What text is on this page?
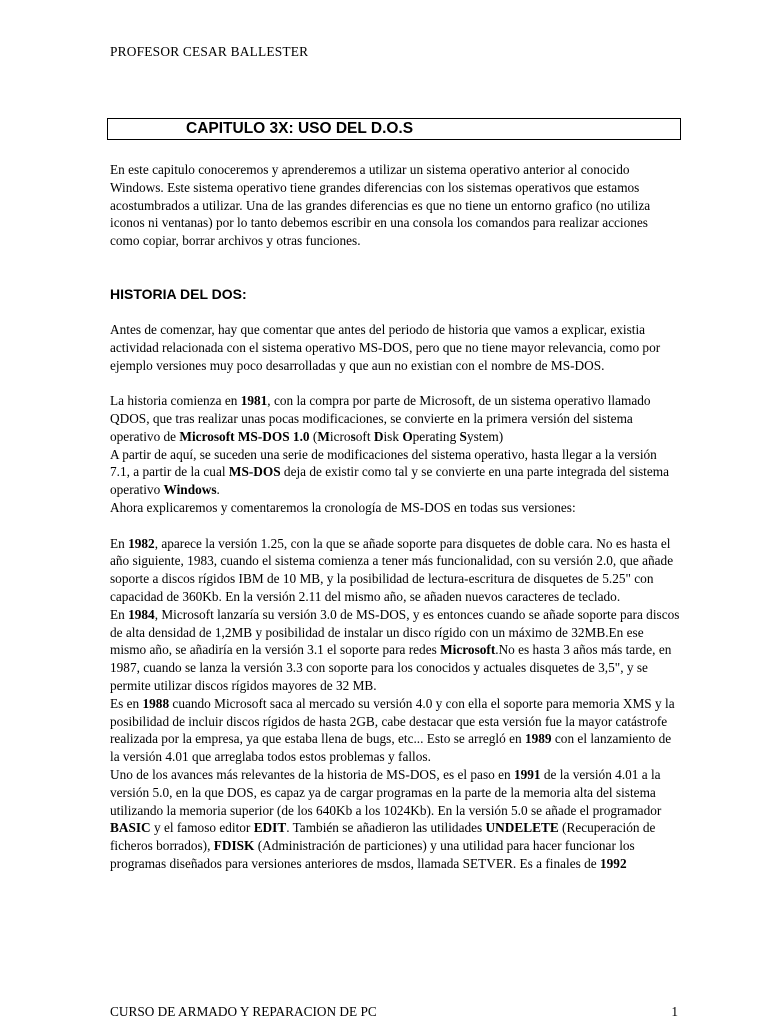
PROFESOR CESAR BALLESTER
CAPITULO 3X: USO DEL D.O.S

En este capitulo conoceremos y aprenderemos a utilizar un sistema operativo anterior al conocido Windows. Este sistema operativo tiene grandes diferencias con los sistemas operativos que estamos acostumbrados a utilizar. Una de las grandes diferencias es que no tiene un entorno grafico (no utiliza iconos ni ventanas) por lo tanto debemos escribir en una consola los comandos para realizar acciones como copiar, borrar archivos y otras funciones.

HISTORIA DEL DOS:

Antes de comenzar, hay que comentar que antes del periodo de historia que vamos a explicar, existia actividad relacionada con el sistema operativo MS-DOS, pero que no tiene mayor relevancia, como por ejemplo versiones muy poco desarrolladas y que aun no existian con el nombre de MS-DOS.

La historia comienza en 1981, con la compra por parte de Microsoft, de un sistema operativo llamado QDOS, que tras realizar unas pocas modificaciones, se convierte en la primera versión del sistema operativo de Microsoft MS-DOS 1.0 (Microsoft Disk Operating System)

A partir de aquí, se suceden una serie de modificaciones del sistema operativo, hasta llegar a la versión 7.1, a partir de la cual MS-DOS deja de existir como tal y se convierte en una parte integrada del sistema operativo Windows.

Ahora explicaremos y comentaremos la cronología de MS-DOS en todas sus versiones:

En 1982, aparece la versión 1.25, con la que se añade soporte para disquetes de doble cara. No es hasta el año siguiente, 1983, cuando el sistema comienza a tener más funcionalidad, con su versión 2.0, que añade soporte a discos rígidos IBM de 10 MB, y la posibilidad de lectura-escritura de disquetes de 5.25" con capacidad de 360Kb. En la versión 2.11 del mismo año, se añaden nuevos caracteres de teclado.

En 1984, Microsoft lanzaría su versión 3.0 de MS-DOS, y es entonces cuando se añade soporte para discos de alta densidad de 1,2MB y posibilidad de instalar un disco rígido con un máximo de 32MB.En ese mismo año, se añadiría en la versión 3.1 el soporte para redes Microsoft.No es hasta 3 años más tarde, en 1987, cuando se lanza la versión 3.3 con soporte para los conocidos y actuales disquetes de 3,5", y se permite utilizar discos rígidos mayores de 32 MB.

Es en 1988 cuando Microsoft saca al mercado su versión 4.0 y con ella el soporte para memoria XMS y la posibilidad de incluir discos rígidos de hasta 2GB, cabe destacar que esta versión fue la mayor catástrofe realizada por la empresa, ya que estaba llena de bugs, etc... Esto se arregló en 1989 con el lanzamiento de la versión 4.01 que arreglaba todos estos problemas y fallos.

Uno de los avances más relevantes de la historia de MS-DOS, es el paso en 1991 de la versión 4.01 a la versión 5.0, en la que DOS, es capaz ya de cargar programas en la parte de la memoria alta del sistema utilizando la memoria superior (de los 640Kb a los 1024Kb). En la versión 5.0 se añade el programador BASIC y el famoso editor EDIT. También se añadieron las utilidades UNDELETE (Recuperación de ficheros borrados), FDISK (Administración de particiones) y una utilidad para hacer funcionar los programas diseñados para versiones anteriores de msdos, llamada SETVER. Es a finales de 1992

CURSO DE ARMADO Y REPARACION DE PC	1
